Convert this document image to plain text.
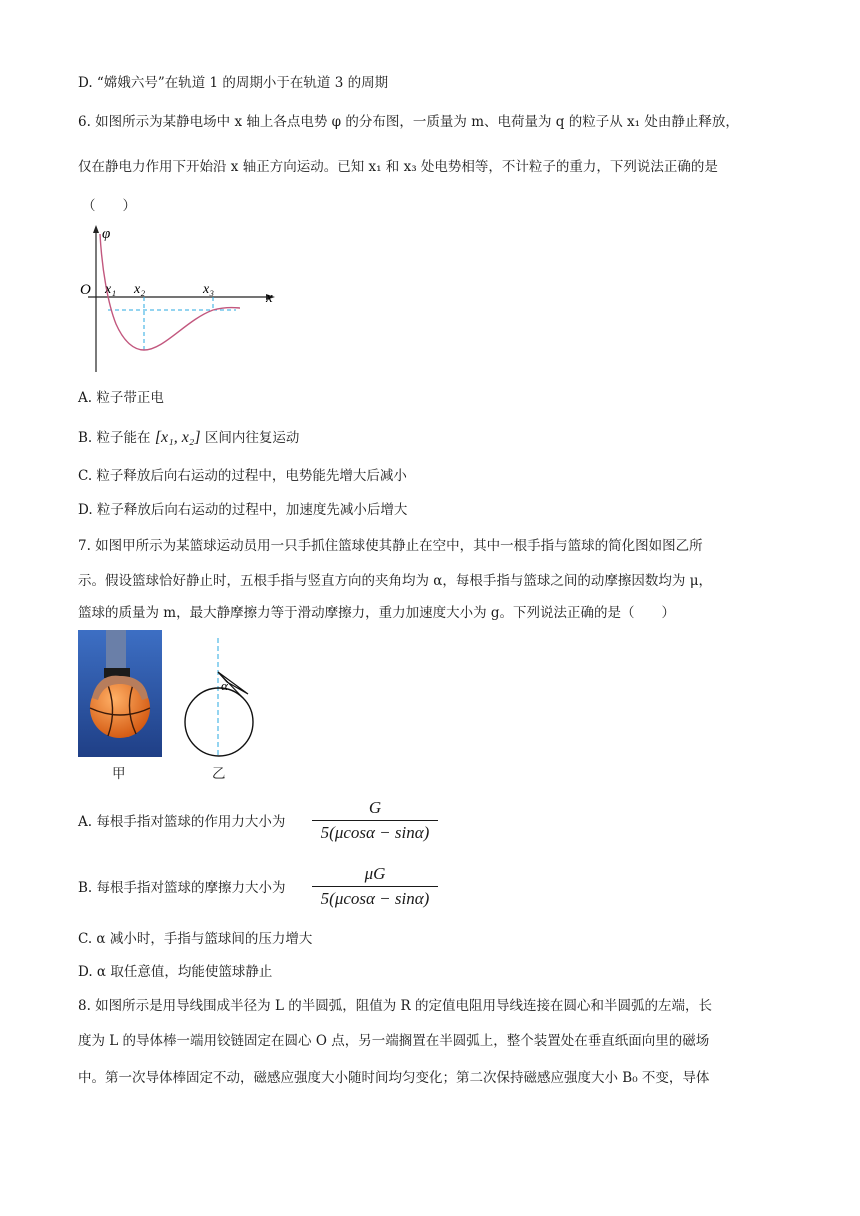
D. “嫦娥六号”在轨道 1 的周期小于在轨道 3 的周期
6. 如图所示为某静电场中 x 轴上各点电势 φ 的分布图，一质量为 m、电荷量为 q 的粒子从 x₁ 处由静止释放，
仅在静电力作用下开始沿 x 轴正方向运动。已知 x₁ 和 x₃ 处电势相等，不计粒子的重力，下列说法正确的是
（　　）
φ
O x₁ x₂	x₃
x
A. 粒子带正电
B. 粒子能在 [x₁, x₂] 区间内往复运动
C. 粒子释放后向右运动的过程中，电势能先增大后减小
D. 粒子释放后向右运动的过程中，加速度先减小后增大
7. 如图甲所示为某篮球运动员用一只手抓住篮球使其静止在空中，其中一根手指与篮球的简化图如图乙所
示。假设篮球恰好静止时，五根手指与竖直方向的夹角均为 α，每根手指与篮球之间的动摩擦因数均为 μ，
篮球的质量为 m，最大静摩擦力等于滑动摩擦力，重力加速度大小为 g。下列说法正确的是（　　）
甲
α
乙
A. 每根手指对篮球的作用力大小为
G
5(μcosα − sinα)
B. 每根手指对篮球的摩擦力大小为
μG
5(μcosα − sinα)
C. α 减小时，手指与篮球间的压力增大
D. α 取任意值，均能使篮球静止
8. 如图所示是用导线围成半径为 L 的半圆弧，阻值为 R 的定值电阻用导线连接在圆心和半圆弧的左端，长
度为 L 的导体棒一端用铰链固定在圆心 O 点，另一端搁置在半圆弧上，整个装置处在垂直纸面向里的磁场
中。第一次导体棒固定不动，磁感应强度大小随时间均匀变化；第二次保持磁感应强度大小 B₀ 不变，导体
